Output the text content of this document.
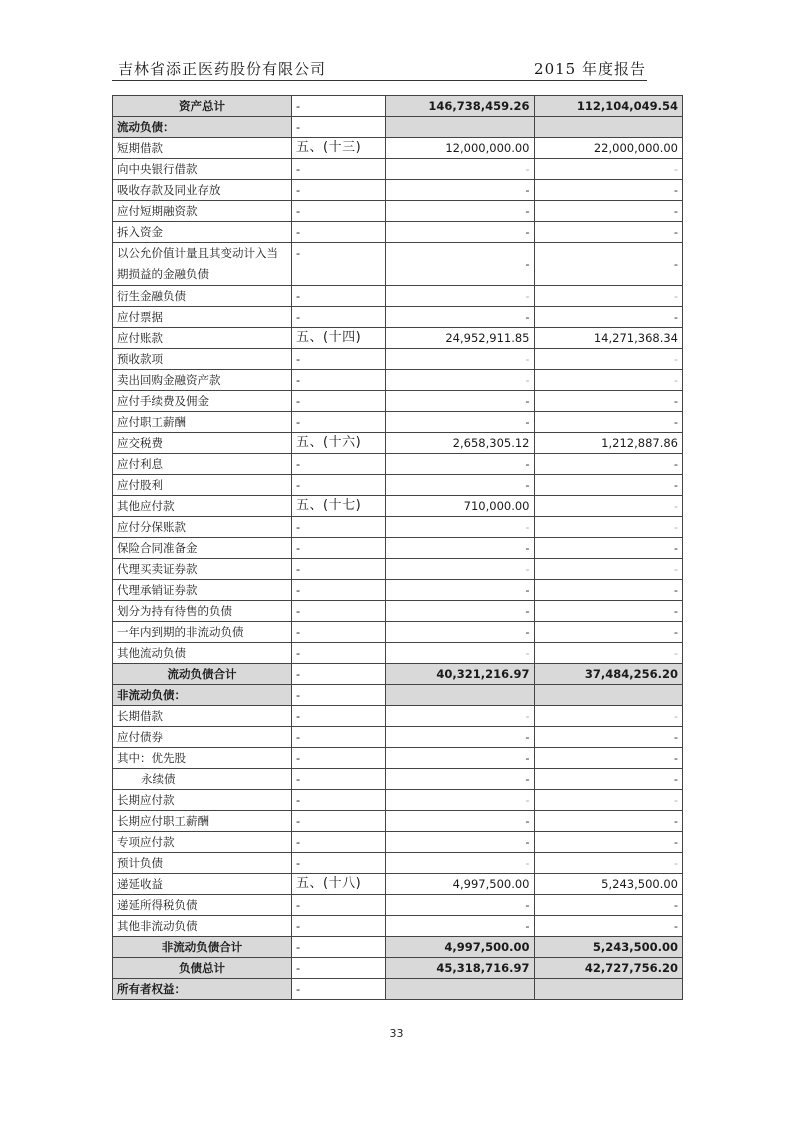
吉林省添正医药股份有限公司	2015 年度报告
资产总计	-	146,738,459.26	112,104,049.54
流动负债：	-		
短期借款	五、(十三)	12,000,000.00	22,000,000.00
向中央银行借款	-	-	-
吸收存款及同业存放	-	-	-
应付短期融资款	-	-	-
拆入资金	-	-	-
以公允价值计量且其变动计入当期损益的金融负债	-	-	-
衍生金融负债	-	-	-
应付票据	-	-	-
应付账款	五、(十四)	24,952,911.85	14,271,368.34
预收款项	-	-	-
卖出回购金融资产款	-	-	-
应付手续费及佣金	-	-	-
应付职工薪酬	-	-	-
应交税费	五、(十六)	2,658,305.12	1,212,887.86
应付利息	-	-	-
应付股利	-	-	-
其他应付款	五、(十七)	710,000.00	-
应付分保账款	-	-	-
保险合同准备金	-	-	-
代理买卖证券款	-	-	-
代理承销证券款	-	-	-
划分为持有待售的负债	-	-	-
一年内到期的非流动负债	-	-	-
其他流动负债	-	-	-
流动负债合计	-	40,321,216.97	37,484,256.20
非流动负债：	-		
长期借款	-	-	-
应付债券	-	-	-
其中：优先股	-	-	-
永续债	-	-	-
长期应付款	-	-	-
长期应付职工薪酬	-	-	-
专项应付款	-	-	-
预计负债	-	-	-
递延收益	五、(十八)	4,997,500.00	5,243,500.00
递延所得税负债	-	-	-
其他非流动负债	-	-	-
非流动负债合计	-	4,997,500.00	5,243,500.00
负债总计	-	45,318,716.97	42,727,756.20
所有者权益：	-		
33
